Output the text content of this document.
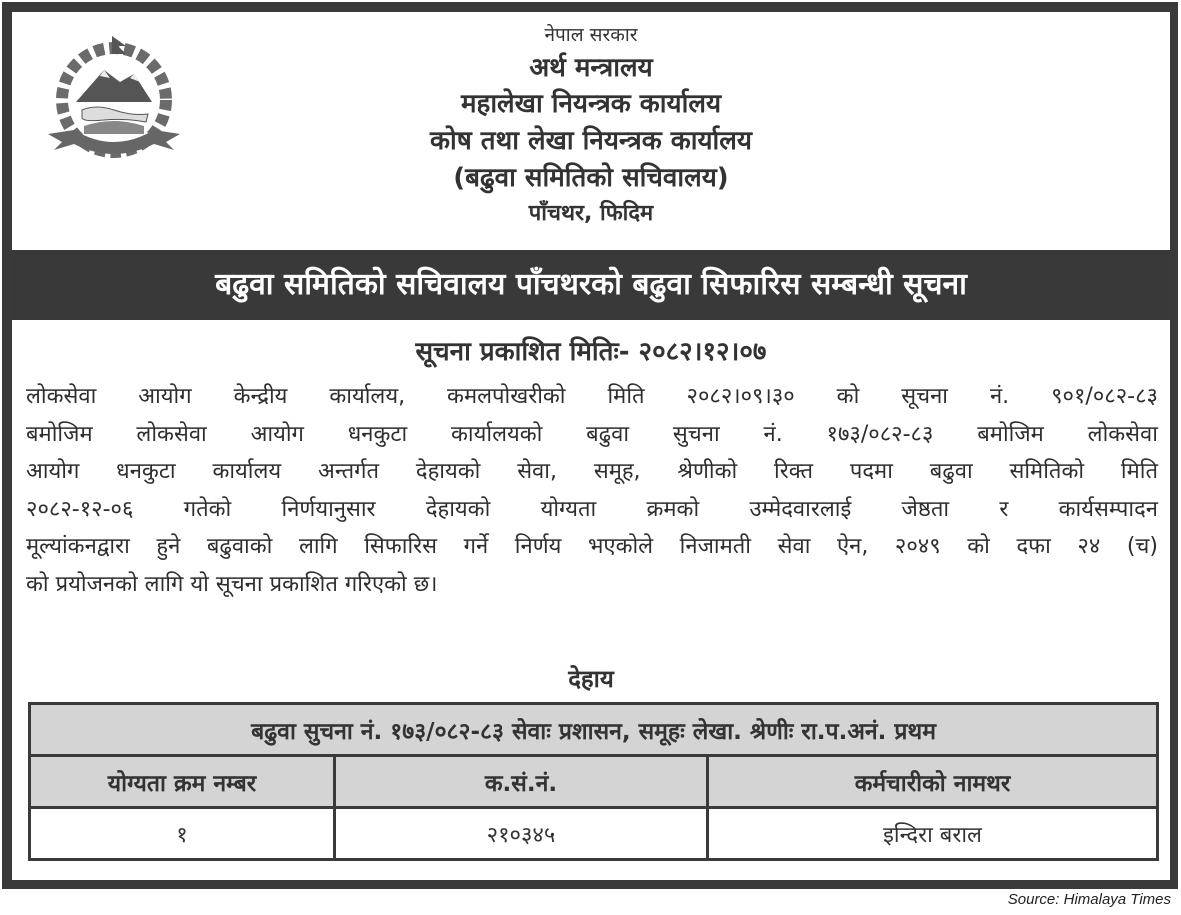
नेपाल सरकार
अर्थ मन्त्रालय
महालेखा नियन्त्रक कार्यालय
कोष तथा लेखा नियन्त्रक कार्यालय
(बढुवा समितिको सचिवालय)
पाँचथर, फिदिम
बढुवा समितिको सचिवालय पाँचथरको बढुवा सिफारिस सम्बन्धी सूचना
सूचना प्रकाशित मितिः- २०८२।१२।०७
लोकसेवा आयोग केन्द्रीय कार्यालय, कमलपोखरीको मिति २०८२।०९।३० को सूचना नं. ९०१/०८२-८३
बमोजिम लोकसेवा आयोग धनकुटा कार्यालयको बढुवा सुचना नं. १७३/०८२-८३ बमोजिम लोकसेवा
आयोग धनकुटा कार्यालय अन्तर्गत देहायको सेवा, समूह, श्रेणीको रिक्त पदमा बढुवा समितिको मिति
२०८२-१२-०६ गतेको निर्णयानुसार देहायको योग्यता क्रमको उम्मेदवारलाई जेष्ठता र कार्यसम्पादन
मूल्यांकनद्वारा हुने बढुवाको लागि सिफारिस गर्ने निर्णय भएकोले निजामती सेवा ऐन, २०४९ को दफा २४ (च)
को प्रयोजनको लागि यो सूचना प्रकाशित गरिएको छ।
देहाय
बढुवा सुचना नं. १७३/०८२-८३ सेवाः प्रशासन, समूहः लेखा. श्रेणीः रा.प.अनं. प्रथम		
योग्यता क्रम नम्बर	क.सं.नं.	कर्मचारीको नामथर
१	२१०३४५	इन्दिरा बराल
Source: Himalaya Times
